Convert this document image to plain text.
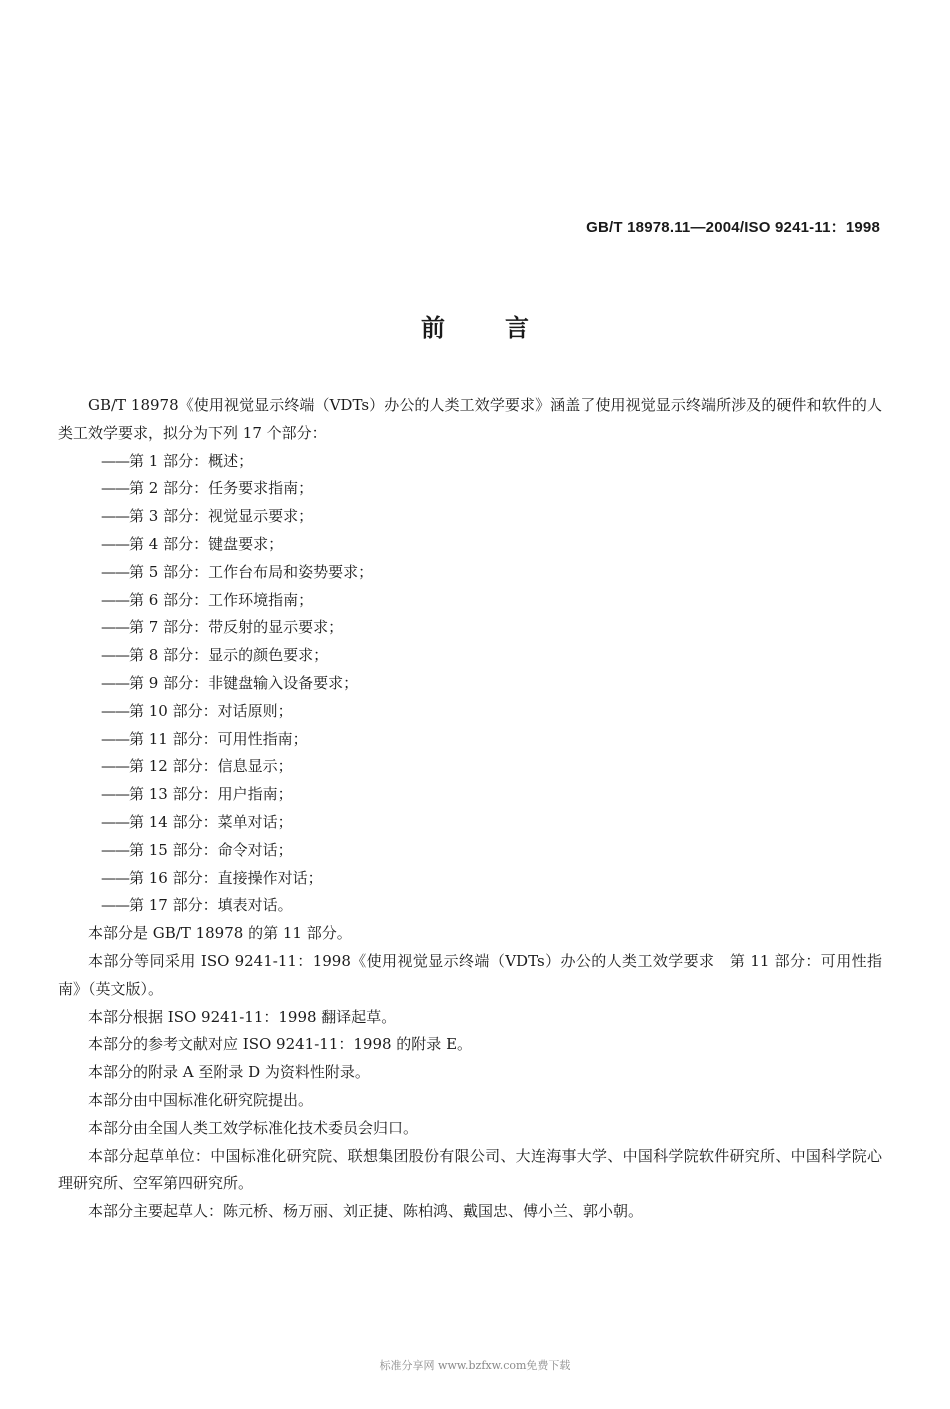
GB/T 18978.11—2004/ISO 9241-11：1998
前言

GB/T 18978《使用视觉显示终端（VDTs）办公的人类工效学要求》涵盖了使用视觉显示终端所涉及的硬件和软件的人类工效学要求，拟分为下列 17 个部分：

——第 1 部分：概述；
——第 2 部分：任务要求指南；
——第 3 部分：视觉显示要求；
——第 4 部分：键盘要求；
——第 5 部分：工作台布局和姿势要求；
——第 6 部分：工作环境指南；
——第 7 部分：带反射的显示要求；
——第 8 部分：显示的颜色要求；
——第 9 部分：非键盘输入设备要求；
——第 10 部分：对话原则；
——第 11 部分：可用性指南；
——第 12 部分：信息显示；
——第 13 部分：用户指南；
——第 14 部分：菜单对话；
——第 15 部分：命令对话；
——第 16 部分：直接操作对话；
——第 17 部分：填表对话。

本部分是 GB/T 18978 的第 11 部分。

本部分等同采用 ISO 9241-11：1998《使用视觉显示终端（VDTs）办公的人类工效学要求　第 11 部分：可用性指南》（英文版）。

本部分根据 ISO 9241-11：1998 翻译起草。

本部分的参考文献对应 ISO 9241-11：1998 的附录 E。

本部分的附录 A 至附录 D 为资料性附录。

本部分由中国标准化研究院提出。

本部分由全国人类工效学标准化技术委员会归口。

本部分起草单位：中国标准化研究院、联想集团股份有限公司、大连海事大学、中国科学院软件研究所、中国科学院心理研究所、空军第四研究所。

本部分主要起草人：陈元桥、杨万丽、刘正捷、陈柏鸿、戴国忠、傅小兰、郭小朝。

标准分享网 www.bzfxw.com免费下载
